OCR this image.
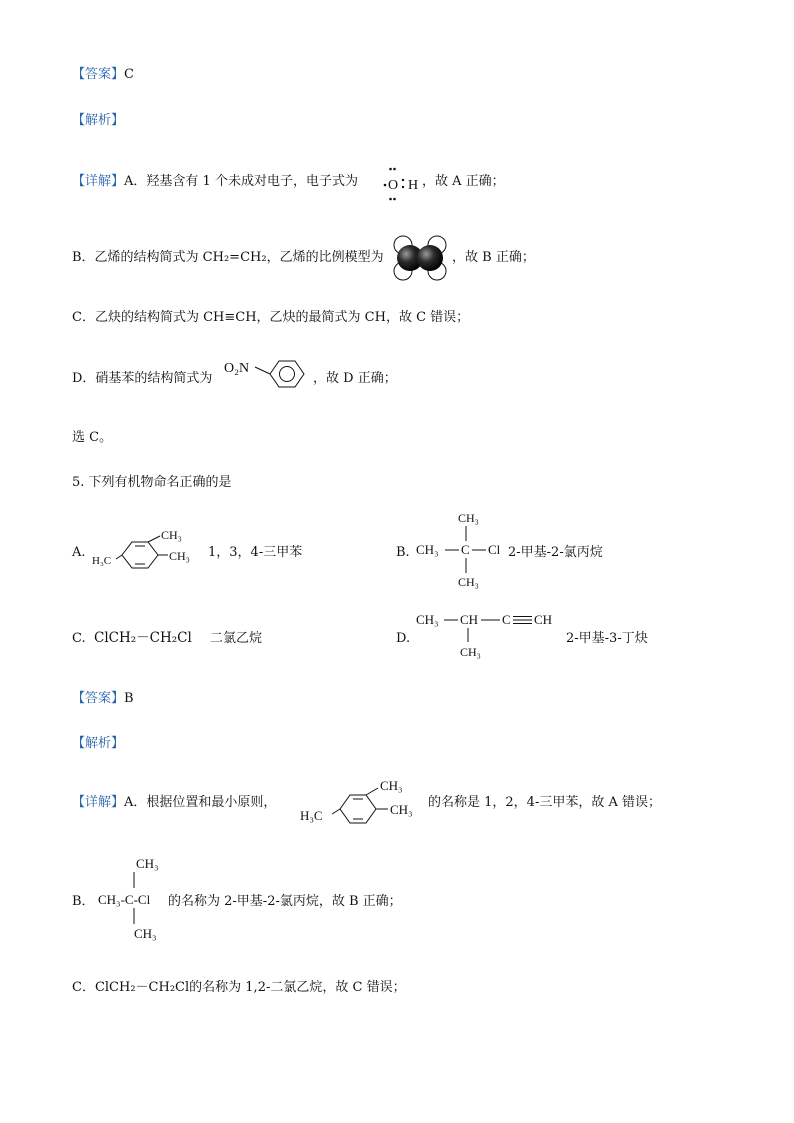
【答案】C
【解析】
【详解】A．羟基含有 1 个未成对电子，电子式为 O H ，故 A 正确；
B．乙烯的结构简式为 CH₂=CH₂，乙烯的比例模型为	，故 B 正确；
C．乙炔的结构简式为 CH≡CH，乙炔的最简式为 CH，故 C 错误；
D．硝基苯的结构简式为
O₂N
，故 D 正确；
选 C。
5. 下列有机物命名正确的是
A.
H₃C
CH₃
CH₃ 1，3，4-三甲苯	B.
CH₃
CH₃ C Cl
CH₃
2-甲基-2-氯丙烷
C. ClCH₂－CH₂Cl 二氯乙烷	D.
CH₃ CH
CH₃
C CH
2-甲基-3-丁炔
【答案】B
【解析】
【详解】A．根据位置和最小原则，
H₃C
CH₃
CH₃ 的名称是 1，2，4-三甲苯，故 A 错误；
B．
CH₃
CH₃-C-Cl
CH₃
的名称为 2-甲基-2-氯丙烷，故 B 正确；
C．ClCH₂－CH₂Cl的名称为 1,2-二氯乙烷，故 C 错误；
